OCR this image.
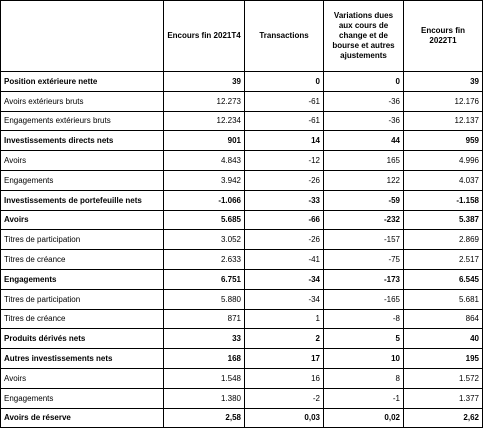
	Encours fin 2021T4	Transactions	Variations dues aux cours de change et de bourse et autres ajustements	Encours fin 2022T1
Position extérieure nette	39	0	0	39
Avoirs extérieurs bruts	12.273	-61	-36	12.176
Engagements extérieurs bruts	12.234	-61	-36	12.137
Investissements directs nets	901	14	44	959
Avoirs	4.843	-12	165	4.996
Engagements	3.942	-26	122	4.037
Investissements de portefeuille nets	-1.066	-33	-59	-1.158
Avoirs	5.685	-66	-232	5.387
Titres de participation	3.052	-26	-157	2.869
Titres de créance	2.633	-41	-75	2.517
Engagements	6.751	-34	-173	6.545
Titres de participation	5.880	-34	-165	5.681
Titres de créance	871	1	-8	864
Produits dérivés nets	33	2	5	40
Autres investissements nets	168	17	10	195
Avoirs	1.548	16	8	1.572
Engagements	1.380	-2	-1	1.377
Avoirs de réserve	2,58	0,03	0,02	2,62
